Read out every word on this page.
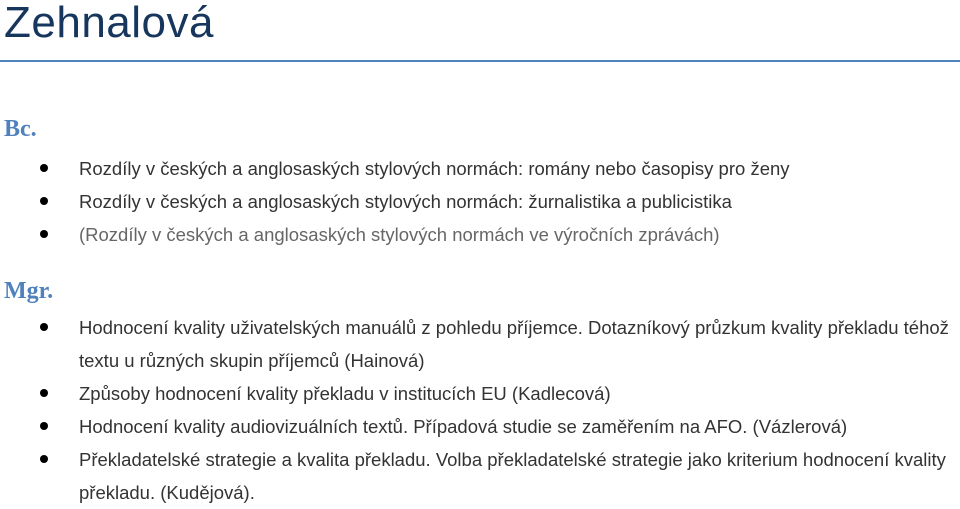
Zehnalová
Bc.
Rozdíly v českých a anglosaských stylových normách: romány nebo časopisy pro ženy
Rozdíly v českých a anglosaských stylových normách: žurnalistika a publicistika
(Rozdíly v českých a anglosaských stylových normách ve výročních zprávách)
Mgr.
Hodnocení kvality uživatelských manuálů z pohledu příjemce. Dotazníkový průzkum kvality překladu téhož textu u různých skupin příjemců (Hainová)
Způsoby hodnocení kvality překladu v institucích EU (Kadlecová)
Hodnocení kvality audiovizuálních textů. Případová studie se zaměřením na AFO. (Vázlerová)
Překladatelské strategie a kvalita překladu. Volba překladatelské strategie jako kriterium hodnocení kvality překladu. (Kudějová).
